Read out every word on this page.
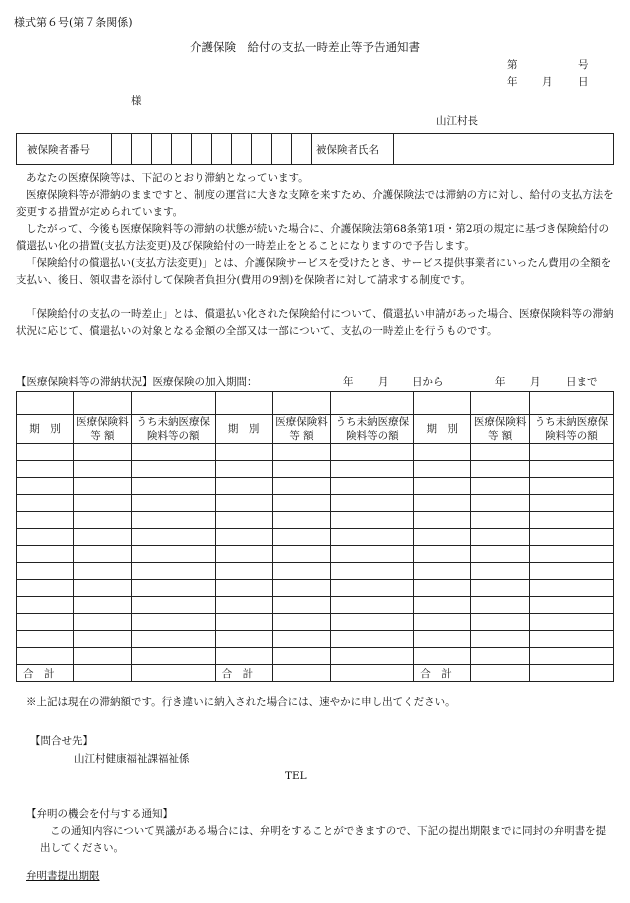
様式第６号(第７条関係)
介護保険　給付の支払一時差止等予告通知書
第	号
年 月 日
様
山江村長
被保険者番号											被保険者氏名	
あなたの医療保険等は、下記のとおり滞納となっています。
医療保険料等が滞納のままですと、制度の運営に大きな支障を来すため、介護保険法では滞納の方に対し、給付の支払方法を変更する措置が定められています。
したがって、今後も医療保険料等の滞納の状態が続いた場合に、介護保険法第68条第1項・第2項の規定に基づき保険給付の償還払い化の措置(支払方法変更)及び保険給付の一時差止をとることになりますので予告します。
「保険給付の償還払い(支払方法変更)」とは、介護保険サービスを受けたとき、サービス提供事業者にいったん費用の全額を支払い、後日、領収書を添付して保険者負担分(費用の9割)を保険者に対して請求する制度です。
「保険給付の支払の一時差止」とは、償還払い化された保険給付について、償還払い申請があった場合、医療保険料等の滞納状況に応じて、償還払いの対象となる金額の全部又は一部について、支払の一時差止を行うものです。
【医療保険料等の滞納状況】医療保険の加入期間：	年 月 日から	年 月 日まで

期　別	医療保険料 等 額	うち未納医療保険料等の額	期　別	医療保険料 等 額	うち未納医療保険料等の額	期　別	医療保険料 等 額	うち未納医療保険料等の額

合　計			合　計			合　計		
※上記は現在の滞納額です。行き違いに納入された場合には、速やかに申し出てください。
【問合せ先】
山江村健康福祉課福祉係
TEL
【弁明の機会を付与する通知】
この通知内容について異議がある場合には、弁明をすることができますので、下記の提出期限までに同封の弁明書を提出してください。
弁明書提出期限
